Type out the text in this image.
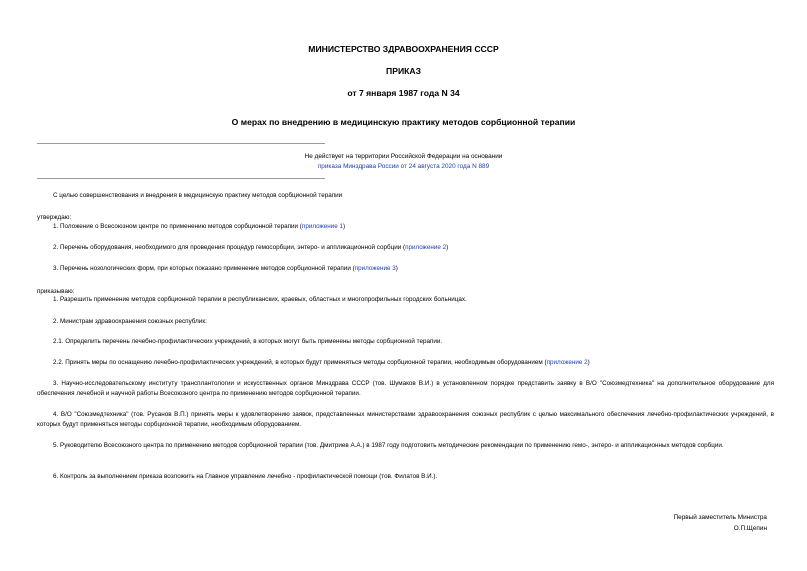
МИНИСТЕРСТВО ЗДРАВООХРАНЕНИЯ СССР
ПРИКАЗ
от 7 января 1987 года N 34
О мерах по внедрению в медицинскую практику методов сорбционной терапии
Не действует на территории Российской Федерации на основании
приказа Минздрава России от 24 августа 2020 года N 889
С целью совершенствования и внедрения в медицинскую практику методов сорбционной терапии
утверждаю:
1. Положение о Всесоюзном центре по применению методов сорбционной терапии (приложение 1)
2. Перечень оборудования, необходимого для проведения процедур гемосорбции, энтеро- и аппликационной сорбции (приложение 2)
3. Перечень нозологических форм, при которых показано применение методов сорбционной терапии (приложение 3)
приказываю:
1. Разрешить применение методов сорбционной терапии в республиканских, краевых, областных и многопрофильных городских больницах.
2. Министрам здравоохранения союзных республик:
2.1. Определить перечень лечебно-профилактических учреждений, в которых могут быть применены методы сорбционной терапии.
2.2. Принять меры по оснащению лечебно-профилактических учреждений, в которых будут применяться методы сорбционной терапии, необходимым оборудованием (приложение 2)
3. Научно-исследовательскому институту трансплантологии и искусственных органов Минздрава СССР (тов. Шумаков В.И.) в установленном порядке представить заявку в В/О "Союзмедтехника" на дополнительное оборудование для обеспечения лечебной и научной работы Всесоюзного центра по применению методов сорбционной терапии.
4. В/О "Союзмедтехника" (тов. Русанов В.П.) принять меры к удовлетворению заявок, представленных министерствами здравоохранения союзных республик с целью максимального обеспечения лечебно-профилактических учреждений, в которых будут применяться методы сорбционной терапии, необходимым оборудованием.
5. Руководителю Всесоюзного центра по применению методов сорбционной терапии (тов. Дмитриев А.А.) в 1987 году подготовить методические рекомендации по применению гемо-, энтеро- и аппликационных методов сорбции.
6. Контроль за выполнением приказа возложить на Главное управление лечебно - профилактической помощи (тов. Филатов В.И.).
Первый заместитель Министра
О.П.Щепин
